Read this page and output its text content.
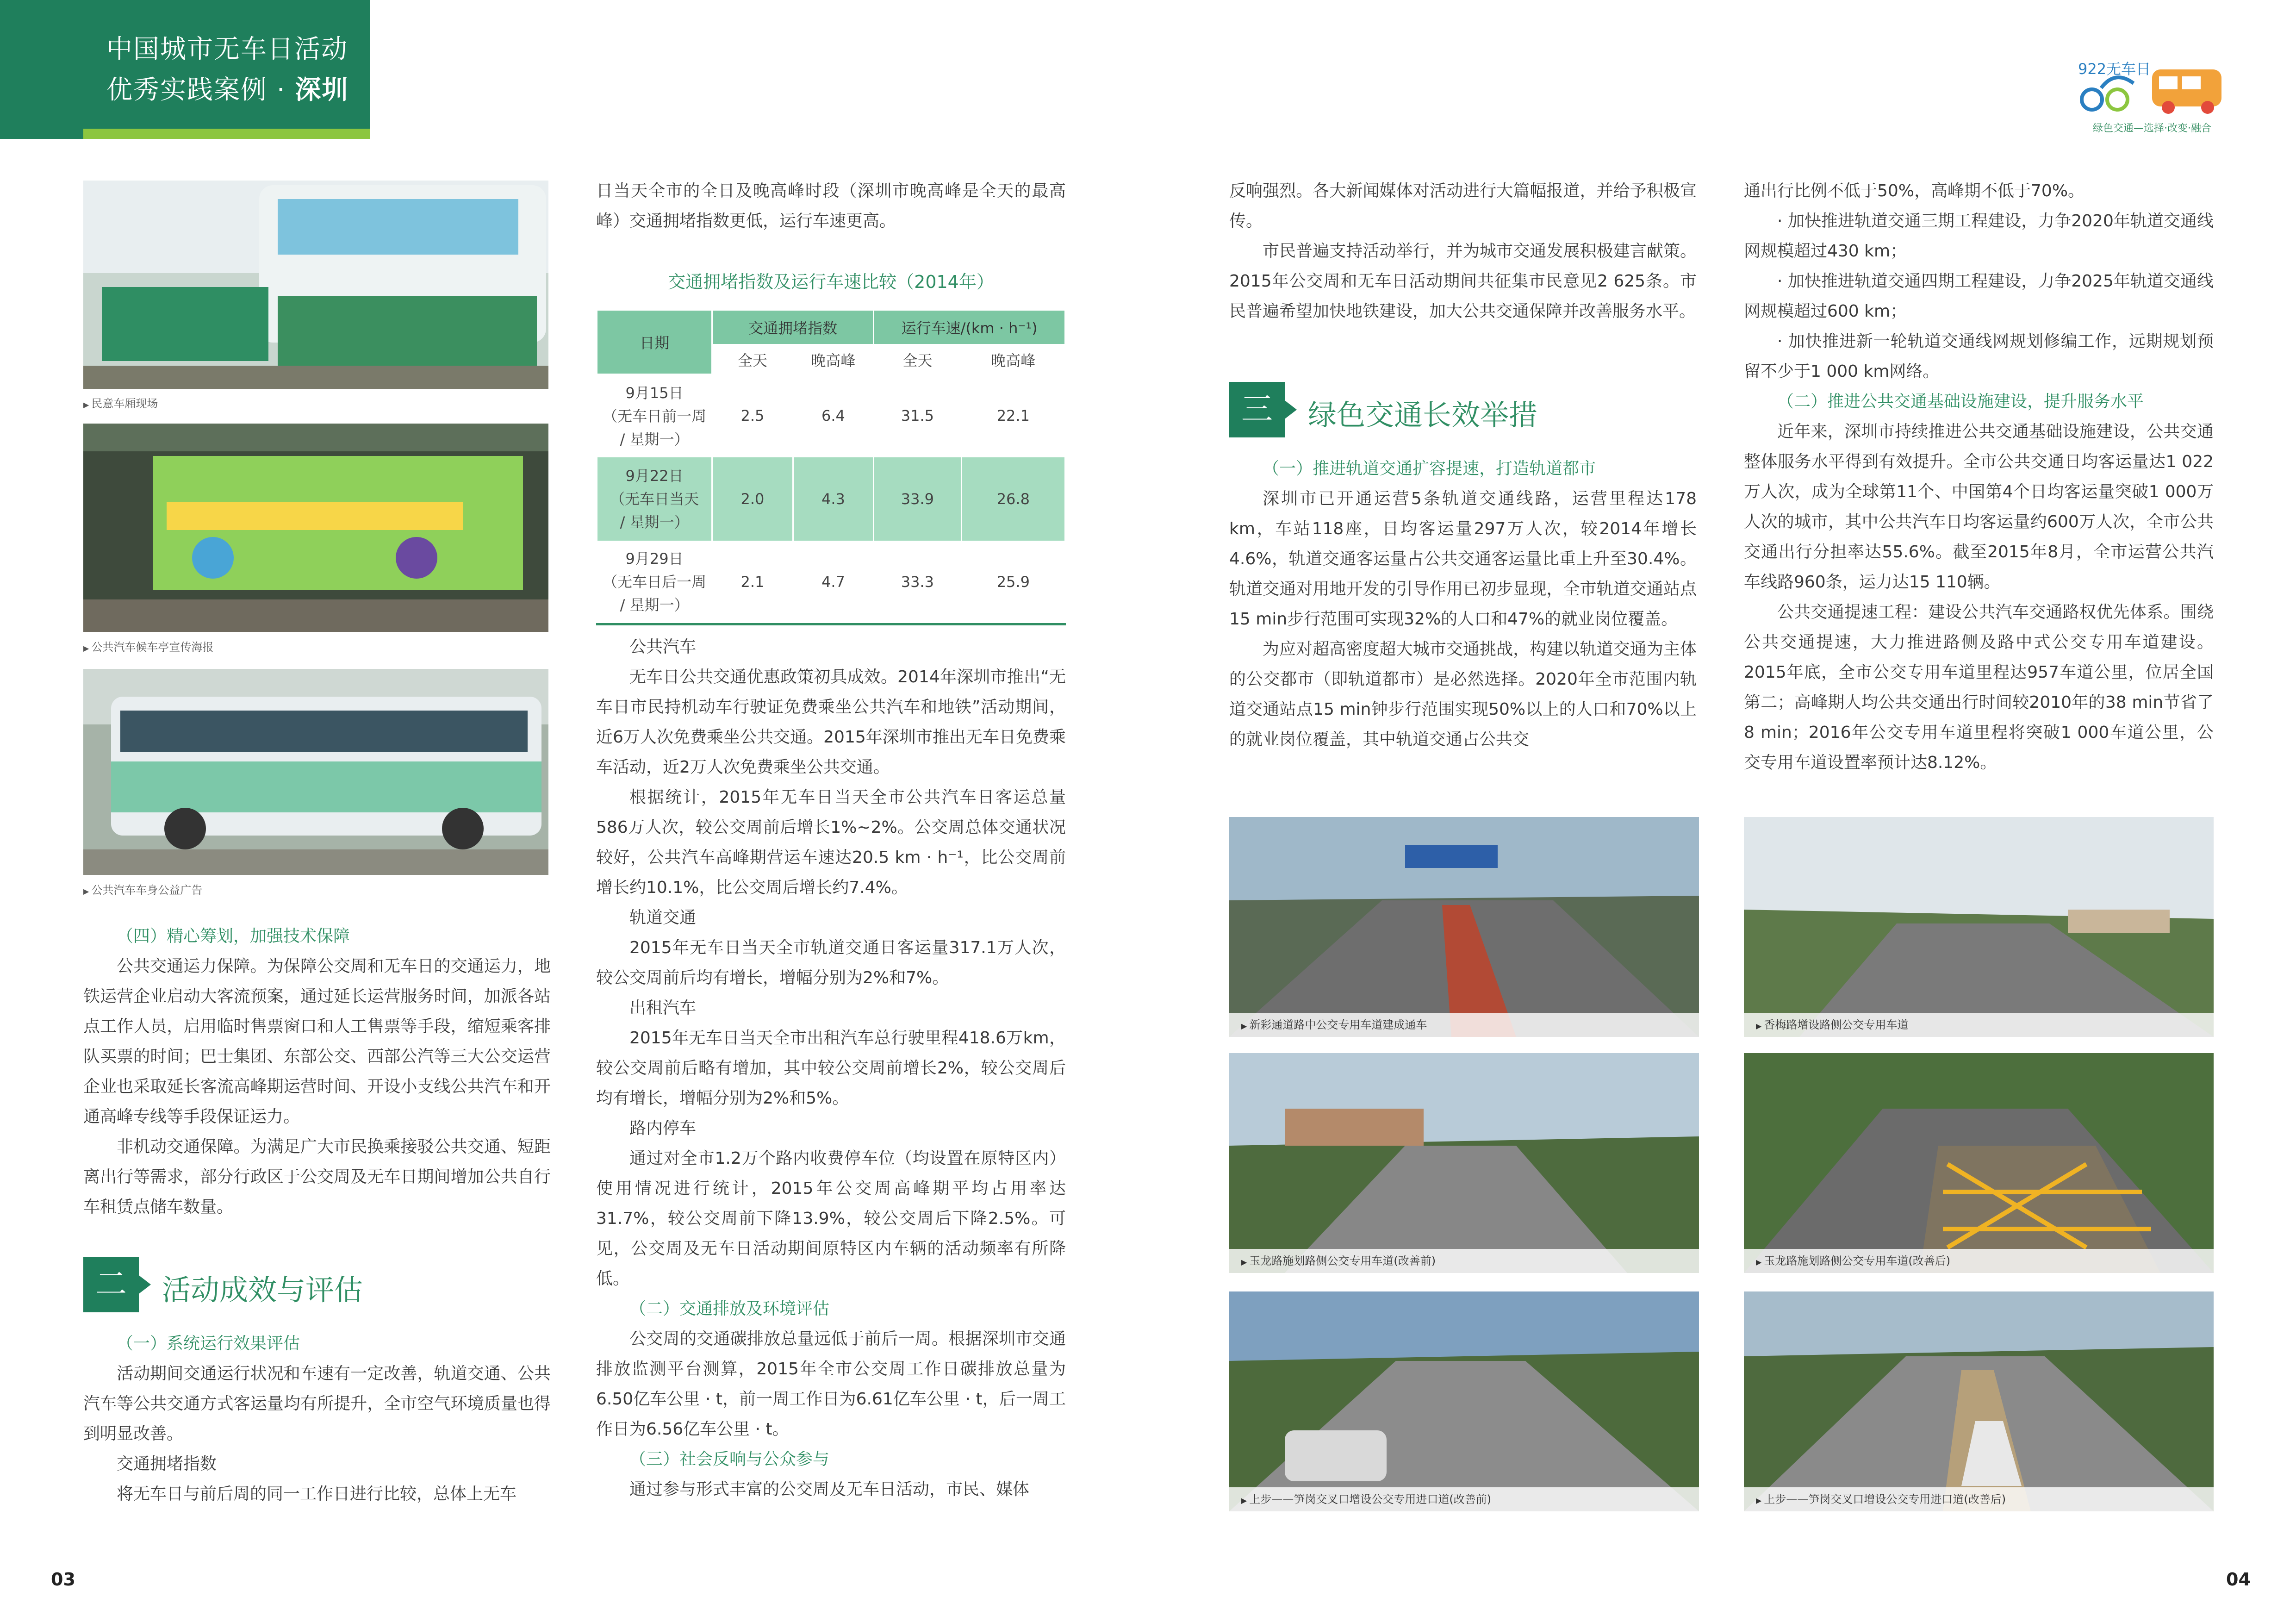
中国城市无车日活动
优秀实践案例 · 深圳
922无车日
绿色交通—选择·改变·融合
▶ 民意车厢现场
▶ 公共汽车候车亭宣传海报
▶ 公共汽车车身公益广告

（四）精心筹划，加强技术保障

公共交通运力保障。为保障公交周和无车日的交通运力，地铁运营企业启动大客流预案，通过延长运营服务时间，加派各站点工作人员，启用临时售票窗口和人工售票等手段，缩短乘客排队买票的时间；巴士集团、东部公交、西部公汽等三大公交运营企业也采取延长客流高峰期运营时间、开设小支线公共汽车和开通高峰专线等手段保证运力。

非机动交通保障。为满足广大市民换乘接驳公共交通、短距离出行等需求，部分行政区于公交周及无车日期间增加公共自行车租赁点储车数量。

二	活动成效与评估

（一）系统运行效果评估

活动期间交通运行状况和车速有一定改善，轨道交通、公共汽车等公共交通方式客运量均有所提升，全市空气环境质量也得到明显改善。

交通拥堵指数

将无车日与前后周的同一工作日进行比较，总体上无车

日当天全市的全日及晚高峰时段（深圳市晚高峰是全天的最高峰）交通拥堵指数更低，运行车速更高。

交通拥堵指数及运行车速比较（2014年）
日期	交通拥堵指数		运行车速/(km · h⁻¹)	
	全天	晚高峰	全天	晚高峰

9月15日
（无车日前一周
/ 星期一）	2.5	6.4	31.5	22.1

9月22日
（无车日当天
/ 星期一）	2.0	4.3	33.9	26.8

9月29日
（无车日后一周
/ 星期一）	2.1	4.7	33.3	25.9

公共汽车

无车日公共交通优惠政策初具成效。2014年深圳市推出“无车日市民持机动车行驶证免费乘坐公共汽车和地铁”活动期间，近6万人次免费乘坐公共交通。2015年深圳市推出无车日免费乘车活动，近2万人次免费乘坐公共交通。

根据统计，2015年无车日当天全市公共汽车日客运总量586万人次，较公交周前后增长1%~2%。公交周总体交通状况较好，公共汽车高峰期营运车速达20.5 km · h⁻¹，比公交周前增长约10.1%，比公交周后增长约7.4%。

轨道交通

2015年无车日当天全市轨道交通日客运量317.1万人次，较公交周前后均有增长，增幅分别为2%和7%。

出租汽车

2015年无车日当天全市出租汽车总行驶里程418.6万km，较公交周前后略有增加，其中较公交周前增长2%，较公交周后均有增长，增幅分别为2%和5%。

路内停车

通过对全市1.2万个路内收费停车位（均设置在原特区内）使用情况进行统计，2015年公交周高峰期平均占用率达31.7%，较公交周前下降13.9%，较公交周后下降2.5%。可见，公交周及无车日活动期间原特区内车辆的活动频率有所降低。

（二）交通排放及环境评估

公交周的交通碳排放总量远低于前后一周。根据深圳市交通排放监测平台测算，2015年全市公交周工作日碳排放总量为6.50亿车公里 · t，前一周工作日为6.61亿车公里 · t，后一周工作日为6.56亿车公里 · t。

（三）社会反响与公众参与

通过参与形式丰富的公交周及无车日活动，市民、媒体

反响强烈。各大新闻媒体对活动进行大篇幅报道，并给予积极宣传。

市民普遍支持活动举行，并为城市交通发展积极建言献策。2015年公交周和无车日活动期间共征集市民意见2 625条。市民普遍希望加快地铁建设，加大公共交通保障并改善服务水平。

三	绿色交通长效举措

（一）推进轨道交通扩容提速，打造轨道都市

深圳市已开通运营5条轨道交通线路，运营里程达178 km，车站118座，日均客运量297万人次，较2014年增长4.6%，轨道交通客运量占公共交通客运量比重上升至30.4%。轨道交通对用地开发的引导作用已初步显现，全市轨道交通站点15 min步行范围可实现32%的人口和47%的就业岗位覆盖。

为应对超高密度超大城市交通挑战，构建以轨道交通为主体的公交都市（即轨道都市）是必然选择。2020年全市范围内轨道交通站点15 min钟步行范围实现50%以上的人口和70%以上的就业岗位覆盖，其中轨道交通占公共交

通出行比例不低于50%，高峰期不低于70%。

· 加快推进轨道交通三期工程建设，力争2020年轨道交通线网规模超过430 km；

· 加快推进轨道交通四期工程建设，力争2025年轨道交通线网规模超过600 km；

· 加快推进新一轮轨道交通线网规划修编工作，远期规划预留不少于1 000 km网络。

（二）推进公共交通基础设施建设，提升服务水平

近年来，深圳市持续推进公共交通基础设施建设，公共交通整体服务水平得到有效提升。全市公共交通日均客运量达1 022万人次，成为全球第11个、中国第4个日均客运量突破1 000万人次的城市，其中公共汽车日均客运量约600万人次，全市公共交通出行分担率达55.6%。截至2015年8月，全市运营公共汽车线路960条，运力达15 110辆。

公共交通提速工程：建设公共汽车交通路权优先体系。围绕公共交通提速，大力推进路侧及路中式公交专用车道建设。2015年底，全市公交专用车道里程达957车道公里，位居全国第二；高峰期人均公共交通出行时间较2010年的38 min节省了8 min；2016年公交专用车道里程将突破1 000车道公里，公交专用车道设置率预计达8.12%。

▶ 新彩通道路中公交专用车道建成通车	▶ 香梅路增设路侧公交专用车道
▶ 玉龙路施划路侧公交专用车道(改善前)	▶ 玉龙路施划路侧公交专用车道(改善后)
▶ 上步——笋岗交叉口增设公交专用进口道(改善前)	▶ 上步——笋岗交叉口增设公交专用进口道(改善后)
03	04
